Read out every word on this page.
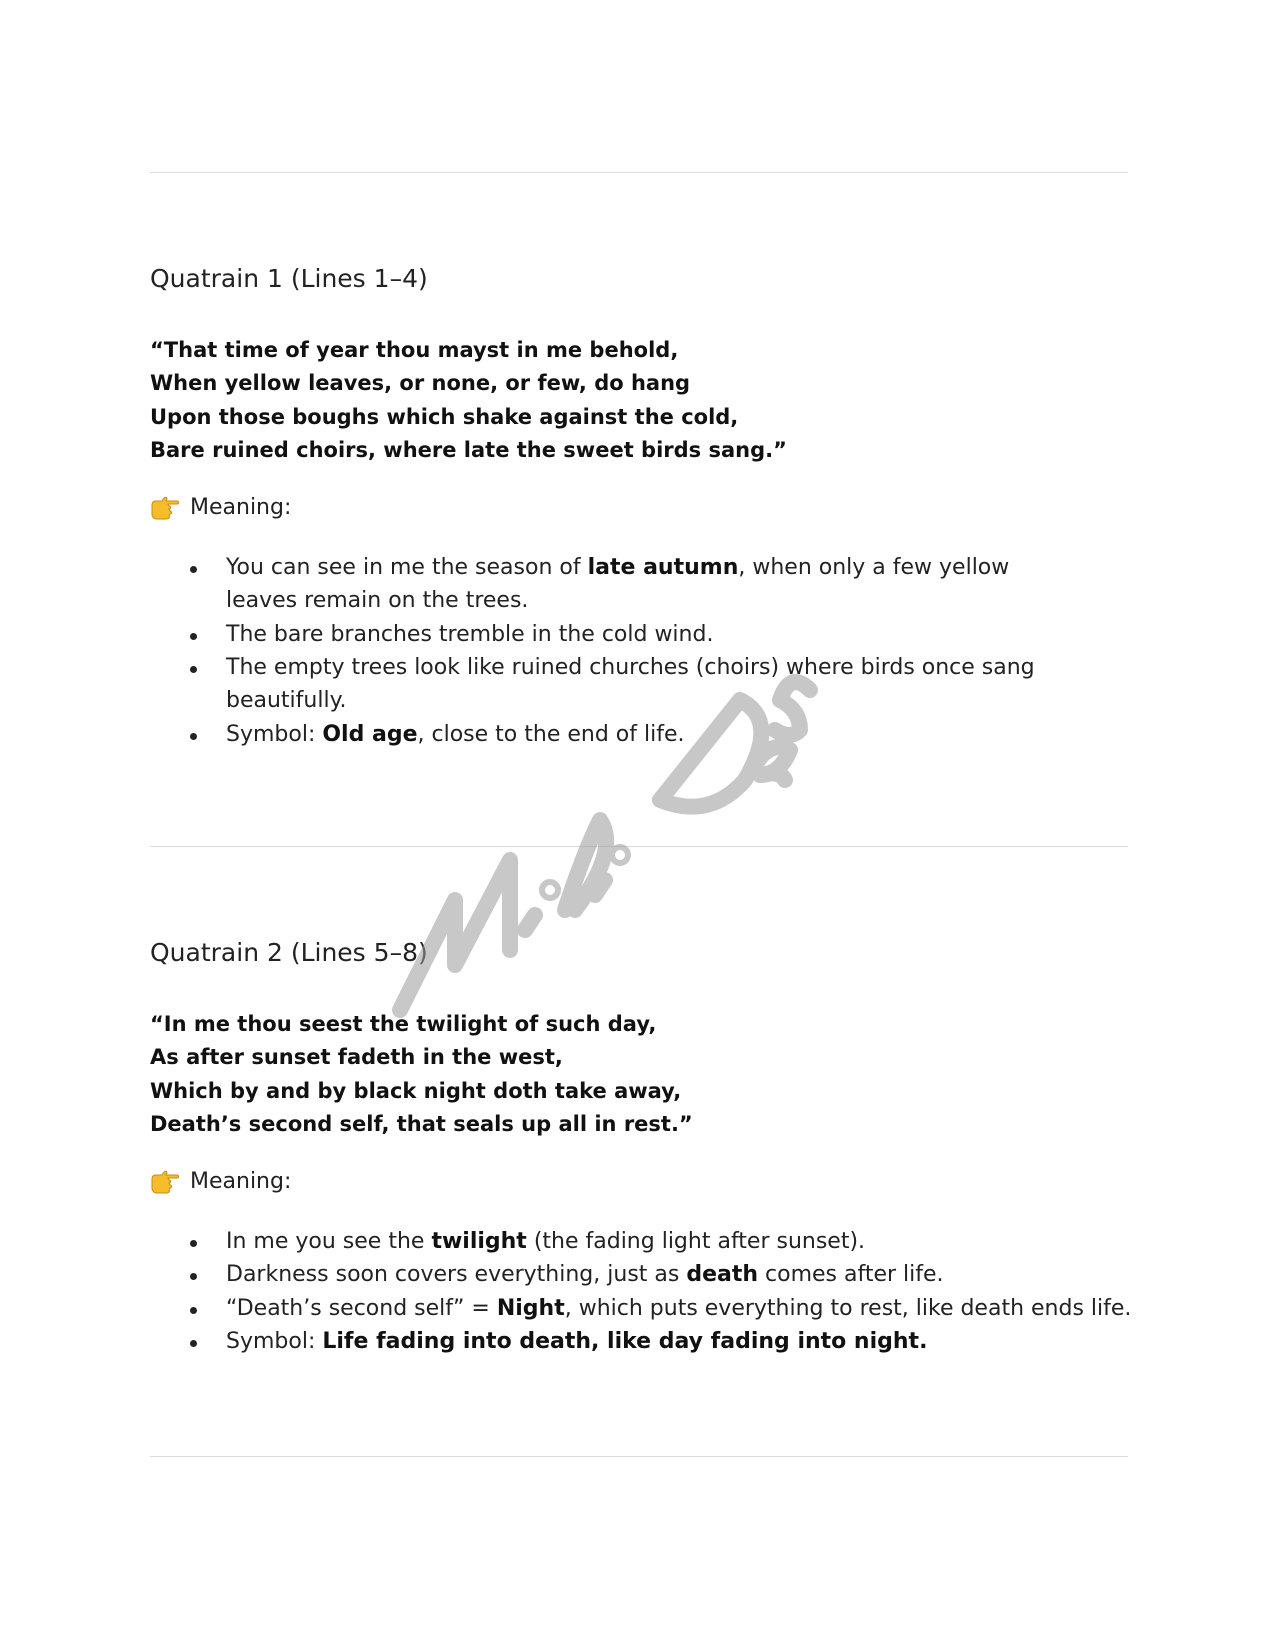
Quatrain 1 (Lines 1–4)
“That time of year thou mayst in me behold,
When yellow leaves, or none, or few, do hang
Upon those boughs which shake against the cold,
Bare ruined choirs, where late the sweet birds sang.”
Meaning:
You can see in me the season of late autumn, when only a few yellow leaves remain on the trees.
The bare branches tremble in the cold wind.
The empty trees look like ruined churches (choirs) where birds once sang beautifully.
Symbol: Old age, close to the end of life.
Quatrain 2 (Lines 5–8)
“In me thou seest the twilight of such day,
As after sunset fadeth in the west,
Which by and by black night doth take away,
Death’s second self, that seals up all in rest.”
Meaning:
In me you see the twilight (the fading light after sunset).
Darkness soon covers everything, just as death comes after life.
“Death’s second self” = Night, which puts everything to rest, like death ends life.
Symbol: Life fading into death, like day fading into night.
